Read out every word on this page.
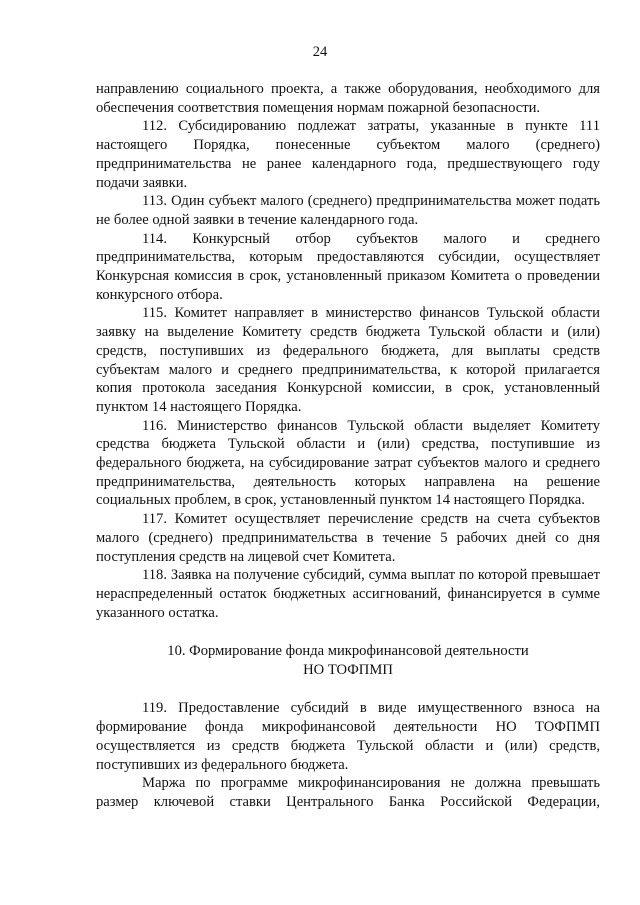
24

направлению социального проекта, а также оборудования, необходимого для обеспечения соответствия помещения нормам пожарной безопасности.

112. Субсидированию подлежат затраты, указанные в пункте 111 настоящего Порядка, понесенные субъектом малого (среднего) предпринимательства не ранее календарного года, предшествующего году подачи заявки.

113. Один субъект малого (среднего) предпринимательства может подать не более одной заявки в течение календарного года.

114. Конкурсный отбор субъектов малого и среднего предпринимательства, которым предоставляются субсидии, осуществляет Конкурсная комиссия в срок, установленный приказом Комитета о проведении конкурсного отбора.

115. Комитет направляет в министерство финансов Тульской области заявку на выделение Комитету средств бюджета Тульской области и (или) средств, поступивших из федерального бюджета, для выплаты средств субъектам малого и среднего предпринимательства, к которой прилагается копия протокола заседания Конкурсной комиссии, в срок, установленный пунктом 14 настоящего Порядка.

116. Министерство финансов Тульской области выделяет Комитету средства бюджета Тульской области и (или) средства, поступившие из федерального бюджета, на субсидирование затрат субъектов малого и среднего предпринимательства, деятельность которых направлена на решение социальных проблем, в срок, установленный пунктом 14 настоящего Порядка.

117. Комитет осуществляет перечисление средств на счета субъектов малого (среднего) предпринимательства в течение 5 рабочих дней со дня поступления средств на лицевой счет Комитета.

118. Заявка на получение субсидий, сумма выплат по которой превышает нераспределенный остаток бюджетных ассигнований, финансируется в сумме указанного остатка.

10. Формирование фонда микрофинансовой деятельности
НО ТОФПМП

119. Предоставление субсидий в виде имущественного взноса на формирование фонда микрофинансовой деятельности НО ТОФПМП осуществляется из средств бюджета Тульской области и (или) средств, поступивших из федерального бюджета.

Маржа по программе микрофинансирования не должна превышать размер ключевой ставки Центрального Банка Российской Федерации,
